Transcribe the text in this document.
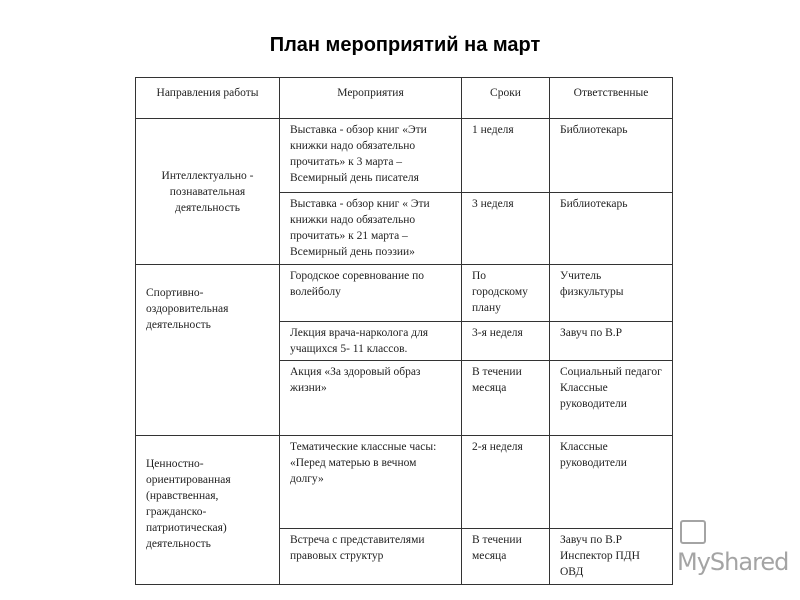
План мероприятий на март
Направления работы	Мероприятия	Сроки	Ответственные
Интеллектуально - познавательная деятельность	Выставка - обзор книг «Эти книжки надо обязательно прочитать» к 3 марта – Всемирный день писателя	1 неделя	Библиотекарь
	Выставка - обзор книг « Эти книжки надо обязательно прочитать» к 21 марта – Всемирный день поэзии»	3 неделя	Библиотекарь
Спортивно-оздоровительная деятельность	Городское соревнование по волейболу	По городскому плану	Учитель физкультуры
	Лекция врача-нарколога для учащихся 5- 11 классов.	3-я неделя	Завуч по В.Р
	Акция «За здоровый образ жизни»	В течении месяца	Социальный педагог Классные руководители
Ценностно-ориентированная (нравственная, гражданско-патриотическая) деятельность	Тематические классные часы: «Перед матерью в вечном долгу»	2-я неделя	Классные руководители
	Встреча с представителями правовых структур	В течении месяца	Завуч по В.Р Инспектор ПДН ОВД	MyShared
